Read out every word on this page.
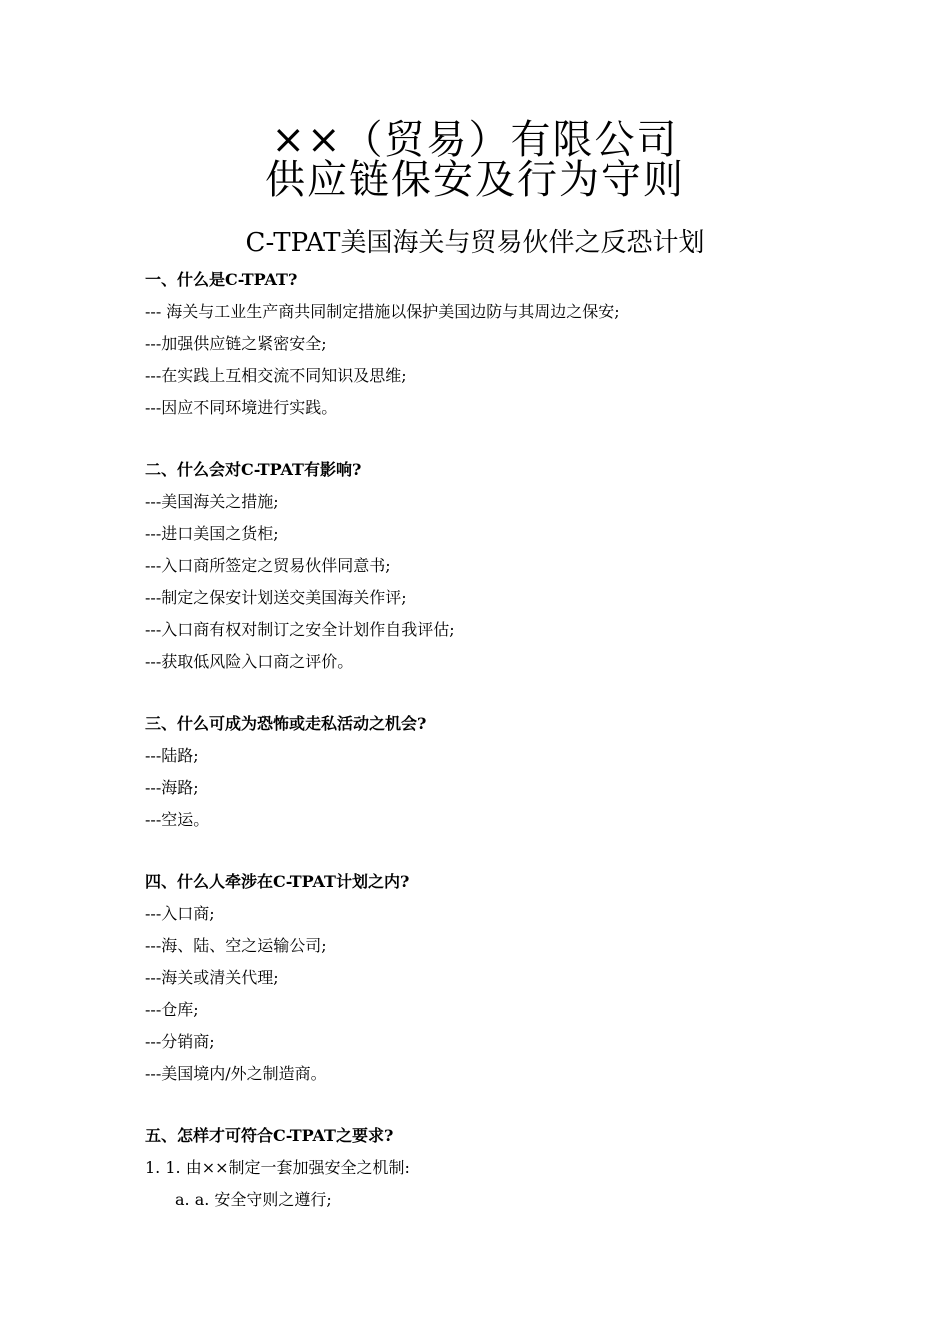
××（贸易）有限公司
供应链保安及行为守则
C-TPAT美国海关与贸易伙伴之反恐计划
一、什么是C-TPAT?
--- 海关与工业生产商共同制定措施以保护美国边防与其周边之保安;
---加强供应链之紧密安全;
---在实践上互相交流不同知识及思维;
---因应不同环境进行实践。
二、什么会对C-TPAT有影响?
---美国海关之措施;
---进口美国之货柜;
---入口商所签定之贸易伙伴同意书;
---制定之保安计划送交美国海关作评;
---入口商有权对制订之安全计划作自我评估;
---获取低风险入口商之评价。
三、什么可成为恐怖或走私活动之机会?
---陆路;
---海路;
---空运。
四、什么人牵涉在C-TPAT计划之内?
---入口商;
---海、陆、空之运输公司;
---海关或清关代理;
---仓库;
---分销商;
---美国境内/外之制造商。
五、怎样才可符合C-TPAT之要求?
1. 1. 由××制定一套加强安全之机制:
a. a. 安全守则之遵行;
